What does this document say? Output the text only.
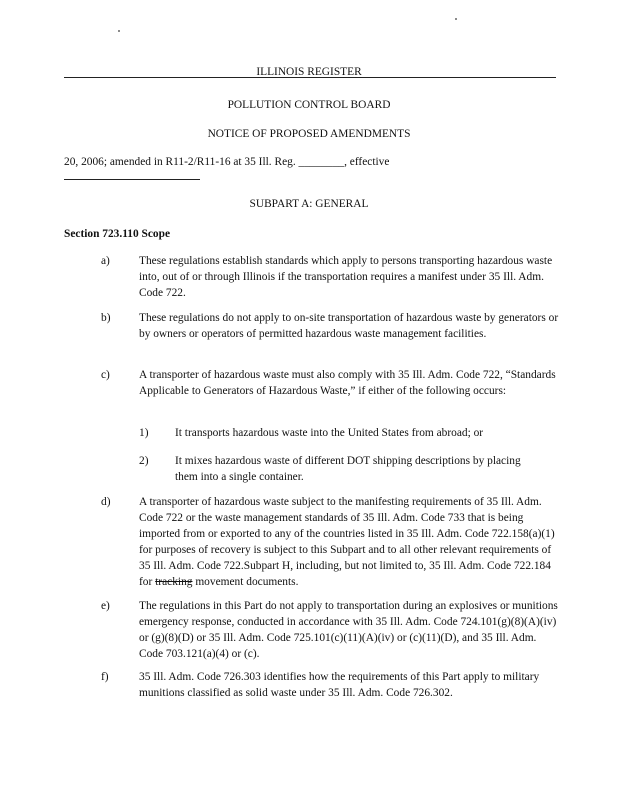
ILLINOIS REGISTER
POLLUTION CONTROL BOARD
NOTICE OF PROPOSED AMENDMENTS
20, 2006; amended in R11-2/R11-16 at 35 Ill. Reg. ________, effective
SUBPART A: GENERAL
Section 723.110 Scope
a)	These regulations establish standards which apply to persons transporting hazardous waste into, out of or through Illinois if the transportation requires a manifest under 35 Ill. Adm. Code 722.
b)	These regulations do not apply to on-site transportation of hazardous waste by generators or by owners or operators of permitted hazardous waste management facilities.
c)	A transporter of hazardous waste must also comply with 35 Ill. Adm. Code 722, “Standards Applicable to Generators of Hazardous Waste,” if either of the following occurs:
1) It transports hazardous waste into the United States from abroad; or
2) It mixes hazardous waste of different DOT shipping descriptions by placing them into a single container.
d)	A transporter of hazardous waste subject to the manifesting requirements of 35 Ill. Adm. Code 722 or the waste management standards of 35 Ill. Adm. Code 733 that is being imported from or exported to any of the countries listed in 35 Ill. Adm. Code 722.158(a)(1) for purposes of recovery is subject to this Subpart and to all other relevant requirements of 35 Ill. Adm. Code 722.Subpart H, including, but not limited to, 35 Ill. Adm. Code 722.184 for tracking movement documents.
e)	The regulations in this Part do not apply to transportation during an explosives or munitions emergency response, conducted in accordance with 35 Ill. Adm. Code 724.101(g)(8)(A)(iv) or (g)(8)(D) or 35 Ill. Adm. Code 725.101(c)(11)(A)(iv) or (c)(11)(D), and 35 Ill. Adm. Code 703.121(a)(4) or (c).
f)	35 Ill. Adm. Code 726.303 identifies how the requirements of this Part apply to military munitions classified as solid waste under 35 Ill. Adm. Code 726.302.
